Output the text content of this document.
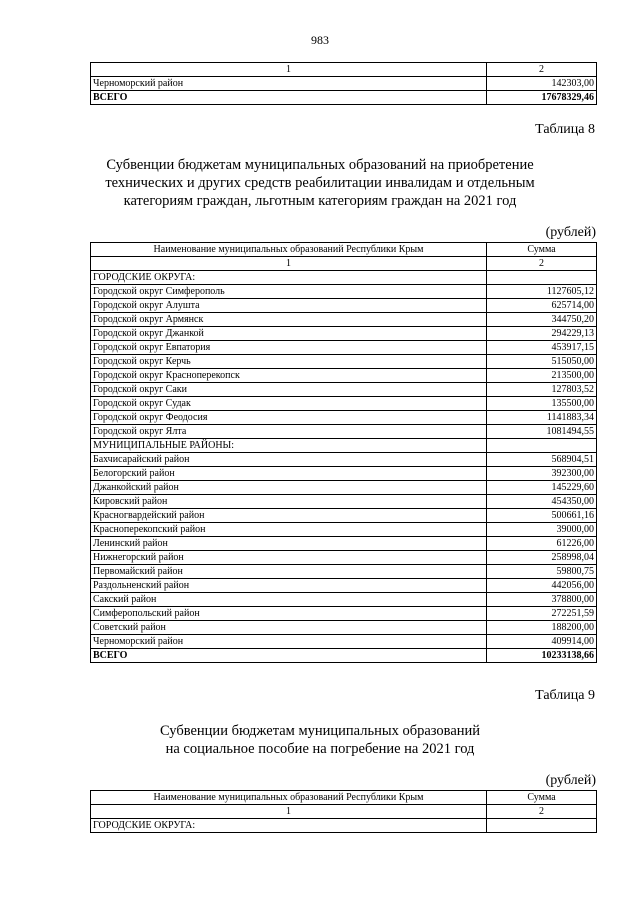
983
1	2
Черноморский район	142303,00
ВСЕГО	17678329,46
Таблица 8
Субвенции бюджетам муниципальных образований на приобретение
технических и других средств реабилитации инвалидам и отдельным
категориям граждан, льготным категориям граждан на 2021 год
(рублей)
Наименование муниципальных образований Республики Крым	Сумма
1	2
ГОРОДСКИЕ ОКРУГА:	
Городской округ Симферополь	1127605,12
Городской округ Алушта	625714,00
Городской округ Армянск	344750,20
Городской округ Джанкой	294229,13
Городской округ Евпатория	453917,15
Городской округ Керчь	515050,00
Городской округ Красноперекопск	213500,00
Городской округ Саки	127803,52
Городской округ Судак	135500,00
Городской округ Феодосия	1141883,34
Городской округ Ялта	1081494,55
МУНИЦИПАЛЬНЫЕ РАЙОНЫ:	
Бахчисарайский район	568904,51
Белогорский район	392300,00
Джанкойский район	145229,60
Кировский район	454350,00
Красногвардейский район	500661,16
Красноперекопский район	39000,00
Ленинский район	61226,00
Нижнегорский район	258998,04
Первомайский район	59800,75
Раздольненский район	442056,00
Сакский район	378800,00
Симферопольский район	272251,59
Советский район	188200,00
Черноморский район	409914,00
ВСЕГО	10233138,66
Таблица 9
Субвенции бюджетам муниципальных образований
на социальное пособие на погребение на 2021 год
(рублей)
Наименование муниципальных образований Республики Крым	Сумма
1	2
ГОРОДСКИЕ ОКРУГА:	
